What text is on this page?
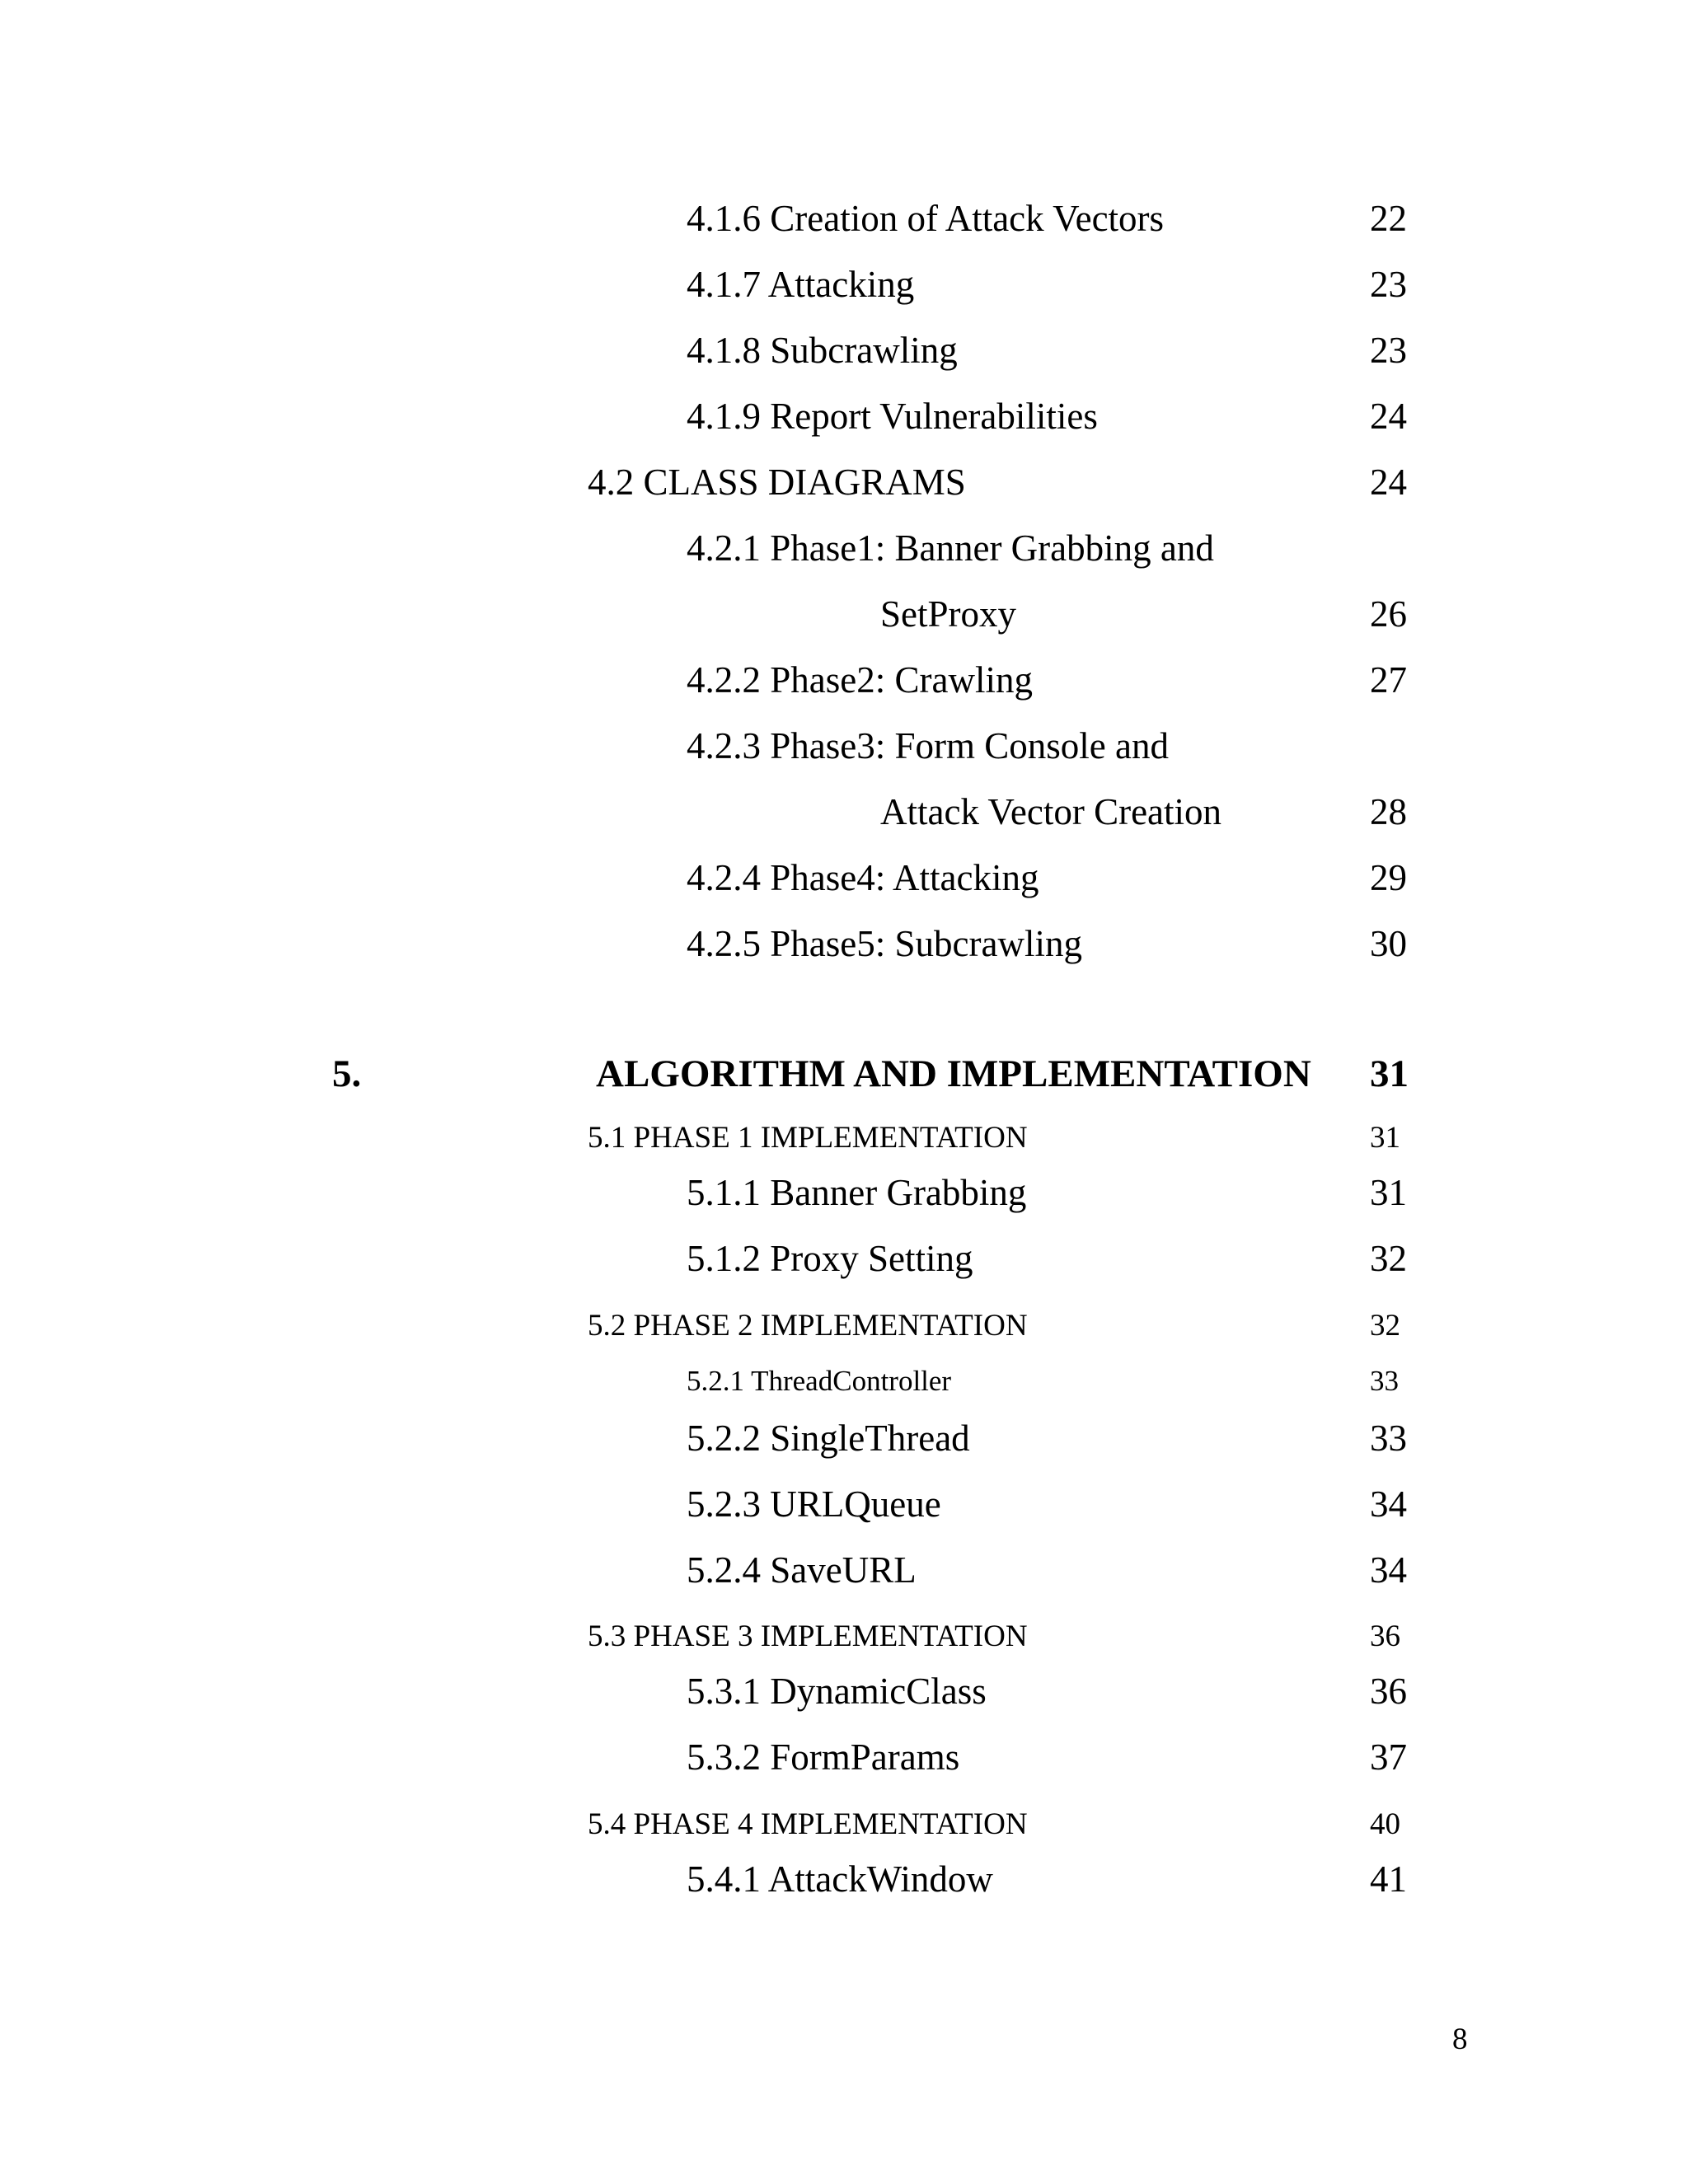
4.1.6 Creation of Attack Vectors	22
4.1.7 Attacking	23
4.1.8 Subcrawling	23
4.1.9 Report Vulnerabilities	24
4.2 CLASS DIAGRAMS	24
4.2.1 Phase1: Banner Grabbing and
SetProxy	26
4.2.2 Phase2: Crawling	27
4.2.3 Phase3: Form Console and
Attack Vector Creation	28
4.2.4 Phase4: Attacking	29
4.2.5 Phase5: Subcrawling	30
5.	ALGORITHM AND IMPLEMENTATION 31
5.1 PHASE 1 IMPLEMENTATION	31
5.1.1 Banner Grabbing	31
5.1.2 Proxy Setting	32
5.2 PHASE 2 IMPLEMENTATION	32
5.2.1 ThreadController	33
5.2.2 SingleThread	33
5.2.3 URLQueue	34
5.2.4 SaveURL	34
5.3 PHASE 3 IMPLEMENTATION	36
5.3.1 DynamicClass	36
5.3.2 FormParams	37
5.4 PHASE 4 IMPLEMENTATION	40
5.4.1 AttackWindow	41
8
